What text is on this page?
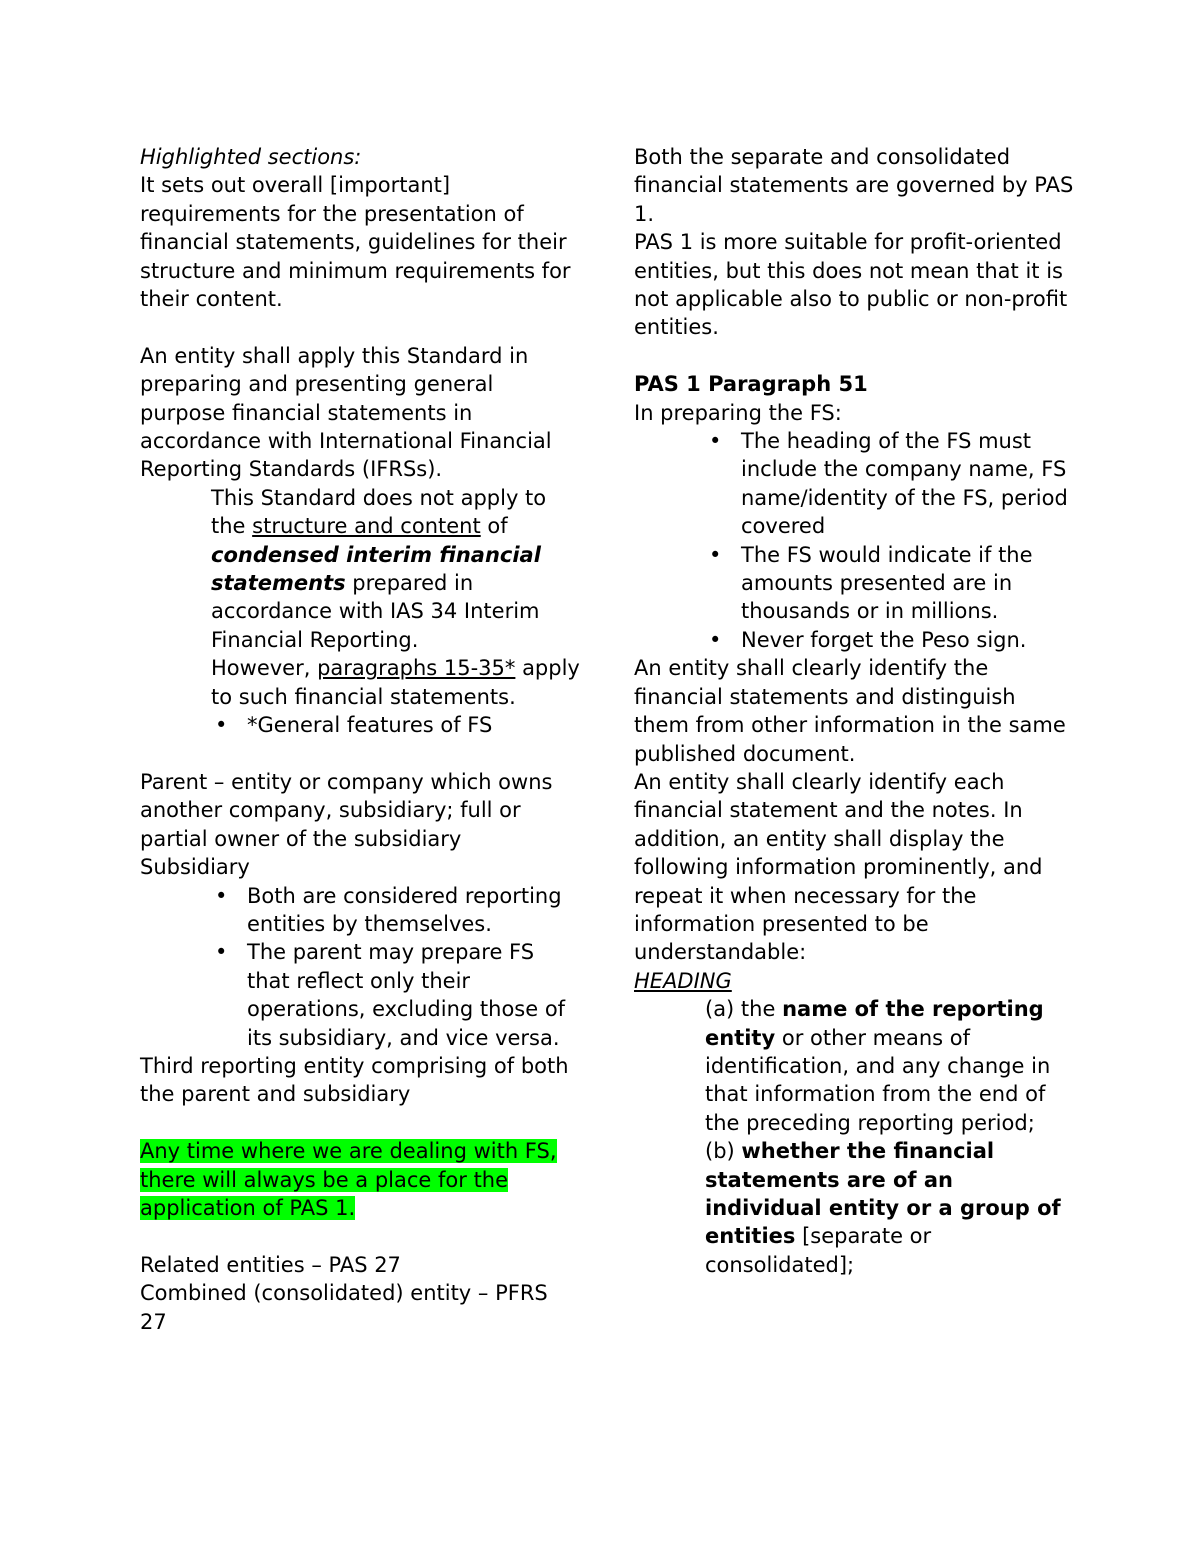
Highlighted sections:

It sets out overall [important] requirements for the presentation of financial statements, guidelines for their structure and minimum requirements for their content.

An entity shall apply this Standard in preparing and presenting general purpose financial statements in accordance with International Financial Reporting Standards (IFRSs).

This Standard does not apply to the structure and content of condensed interim financial statements prepared in accordance with IAS 34 Interim Financial Reporting.

However, paragraphs 15-35* apply to such financial statements.

• *General features of FS

Parent – entity or company which owns another company, subsidiary; full or partial owner of the subsidiary

Subsidiary

• Both are considered reporting entities by themselves.
• The parent may prepare FS that reflect only their operations, excluding those of its subsidiary, and vice versa.

Third reporting entity comprising of both the parent and subsidiary

Any time where we are dealing with FS, there will always be a place for the application of PAS 1.

Related entities – PAS 27

Combined (consolidated) entity – PFRS 27

Both the separate and consolidated financial statements are governed by PAS 1.

PAS 1 is more suitable for profit-oriented entities, but this does not mean that it is not applicable also to public or non-profit entities.

PAS 1 Paragraph 51

In preparing the FS:

• The heading of the FS must include the company name, FS name/identity of the FS, period covered
• The FS would indicate if the amounts presented are in thousands or in millions.
• Never forget the Peso sign.

An entity shall clearly identify the financial statements and distinguish them from other information in the same published document.

An entity shall clearly identify each financial statement and the notes. In addition, an entity shall display the following information prominently, and repeat it when necessary for the information presented to be understandable:

HEADING

(a) the name of the reporting entity or other means of identification, and any change in that information from the end of the preceding reporting period;

(b) whether the financial statements are of an individual entity or a group of entities [separate or consolidated];
